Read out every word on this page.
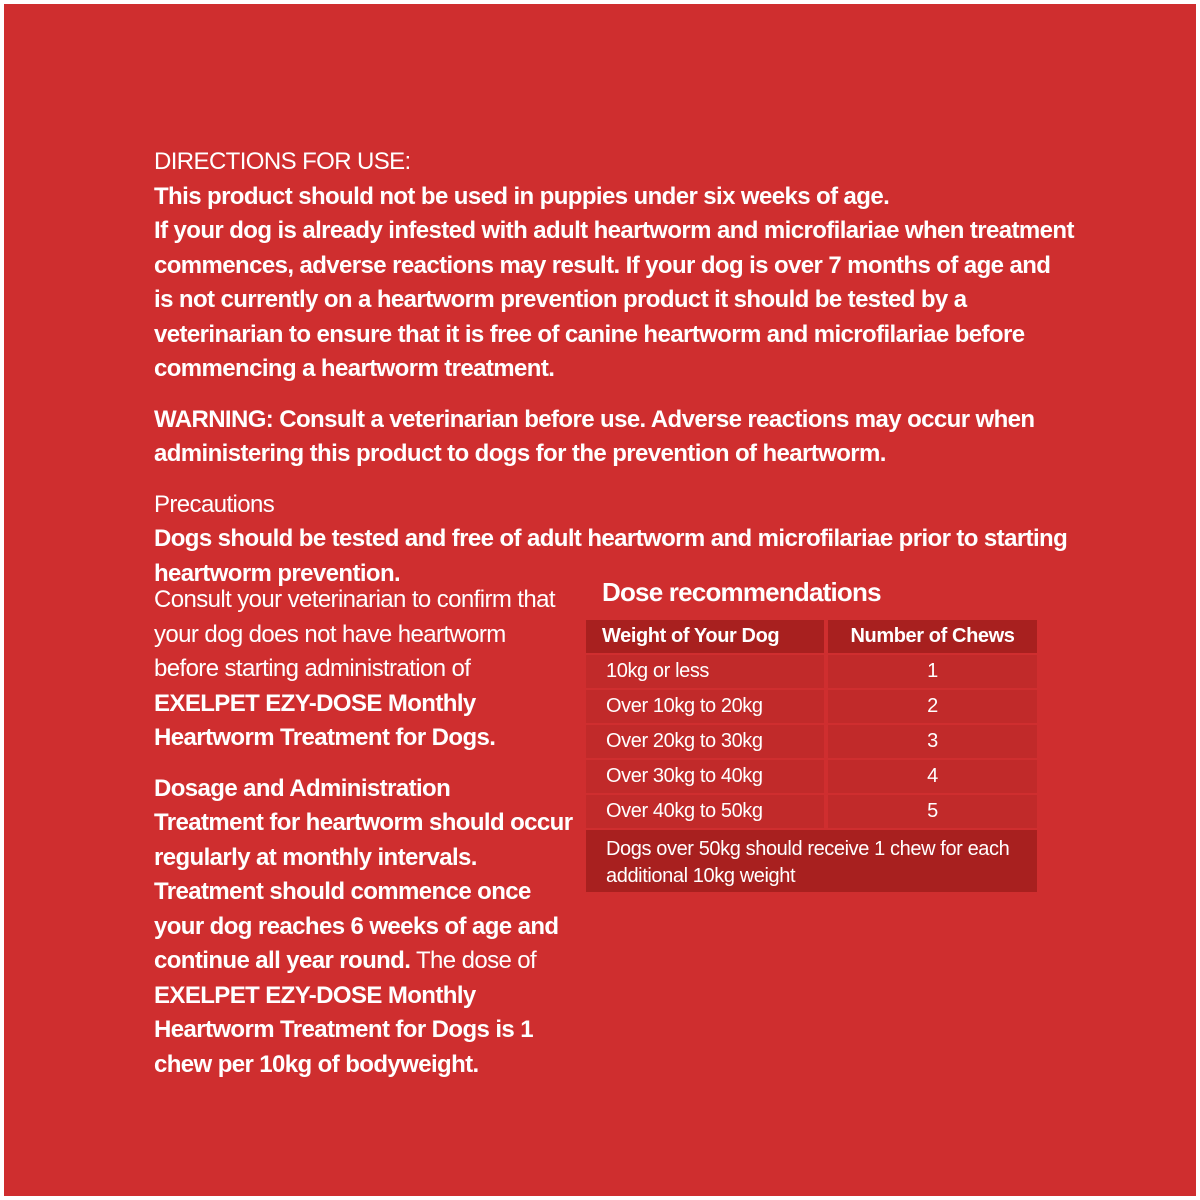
DIRECTIONS FOR USE:

This product should not be used in puppies under six weeks of age.

If your dog is already infested with adult heartworm and microfilariae when treatment commences, adverse reactions may result. If your dog is over 7 months of age and is not currently on a heartworm prevention product it should be tested by a veterinarian to ensure that it is free of canine heartworm and microfilariae before commencing a heartworm treatment.

WARNING: Consult a veterinarian before use. Adverse reactions may occur when administering this product to dogs for the prevention of heartworm.

Precautions

Dogs should be tested and free of adult heartworm and microfilariae prior to starting heartworm prevention.

Consult your veterinarian to confirm that your dog does not have heartworm before starting administration of EXELPET EZY-DOSE Monthly Heartworm Treatment for Dogs.

Dosage and Administration

Treatment for heartworm should occur regularly at monthly intervals. Treatment should commence once your dog reaches 6 weeks of age and continue all year round. The dose of EXELPET EZY-DOSE Monthly Heartworm Treatment for Dogs is 1 chew per 10kg of bodyweight.

Dose recommendations
Weight of Your Dog	Number of Chews
10kg or less	1
Over 10kg to 20kg	2
Over 20kg to 30kg	3
Over 30kg to 40kg	4
Over 40kg to 50kg	5
Dogs over 50kg should receive 1 chew for each additional 10kg weight
